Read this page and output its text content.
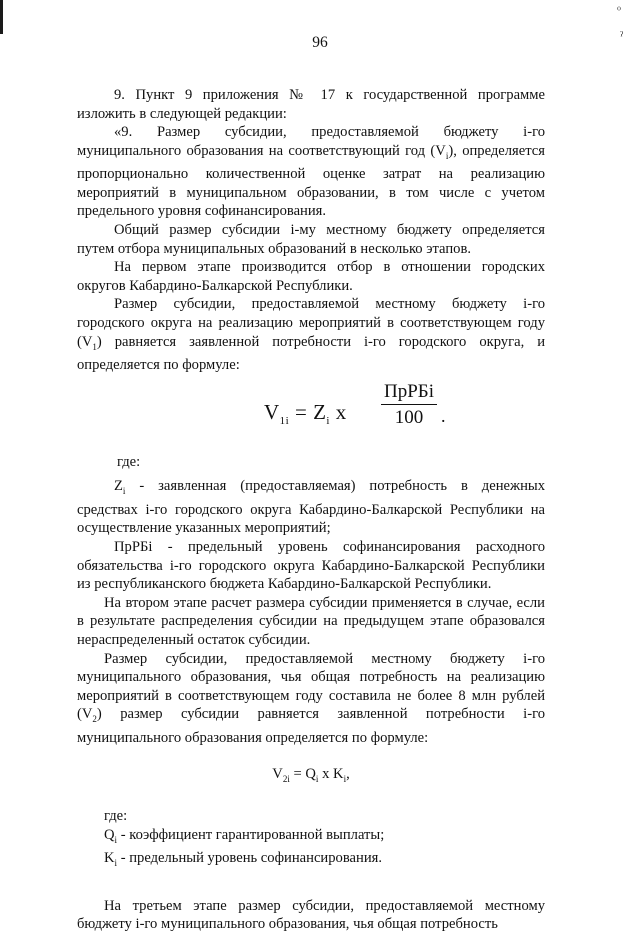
ˀ
96

9. Пункт 9 приложения № 17 к государственной программе изложить в следующей редакции:

«9. Размер субсидии, предоставляемой бюджету i-го муниципального образования на соответствующий год $(V_i)$, определяется пропорционально количественной оценке затрат на реализацию мероприятий в муниципальном образовании, в том числе с учетом предельного уровня софинансирования.

Общий размер субсидии i-му местному бюджету определяется путем отбора муниципальных образований в несколько этапов.

На первом этапе производится отбор в отношении городских округов Кабардино-Балкарской Республики.

Размер субсидии, предоставляемой местному бюджету i-го городского округа на реализацию мероприятий в соответствующем году $(V_1)$ равняется заявленной потребности i-го городского округа, и определяется по формуле:

$V_{1i} = Z_i$ x
ПрРБi
100 .

где:

$Z_i$ - заявленная (предоставляемая) потребность в денежных средствах i-го городского округа Кабардино-Балкарской Республики на осуществление указанных мероприятий;

ПрРБi - предельный уровень софинансирования расходного обязательства i-го городского округа Кабардино-Балкарской Республики из республиканского бюджета Кабардино-Балкарской Республики.

На втором этапе расчет размера субсидии применяется в случае, если в результате распределения субсидии на предыдущем этапе образовался нераспределенный остаток субсидии.

Размер субсидии, предоставляемой местному бюджету i-го муниципального образования, чья общая потребность на реализацию мероприятий в соответствующем году составила не более 8 млн рублей $(V_2)$ размер субсидии равняется заявленной потребности i-го муниципального образования определяется по формуле:

$V_{2i} = Q_i$ x $K_i$,

где:

$Q_i$ - коэффициент гарантированной выплаты;

$K_i$ - предельный уровень софинансирования.

На третьем этапе размер субсидии, предоставляемой местному бюджету i-го муниципального образования, чья общая потребность
